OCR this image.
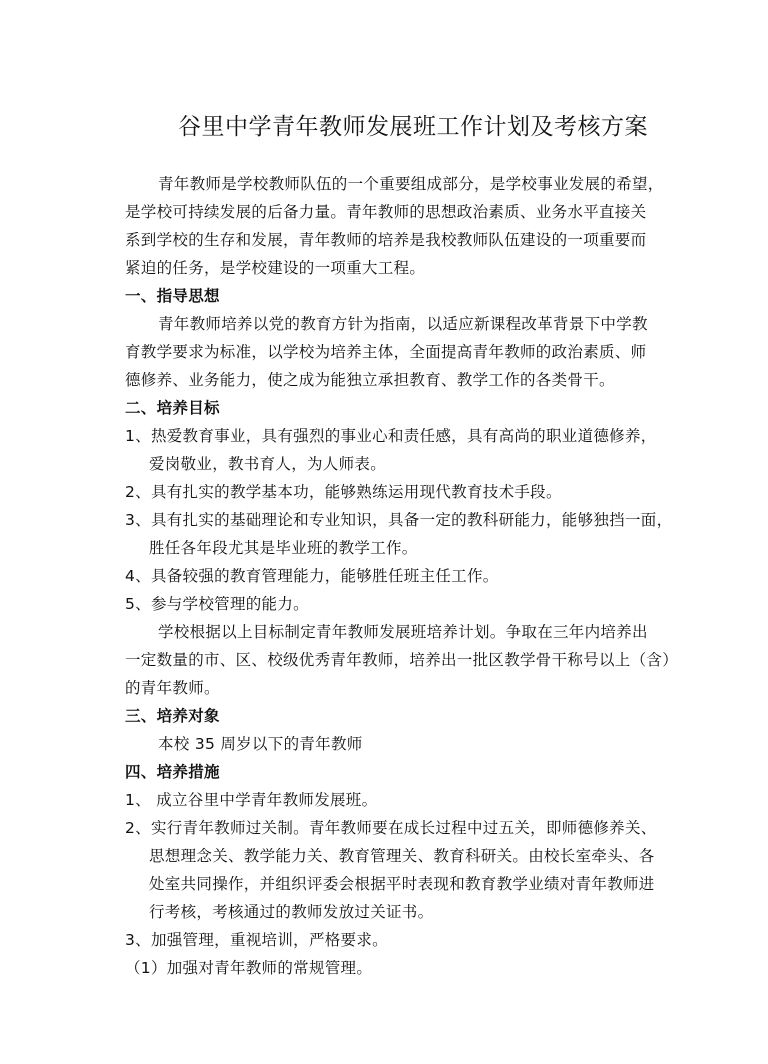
谷里中学青年教师发展班工作计划及考核方案
青年教师是学校教师队伍的一个重要组成部分，是学校事业发展的希望，
是学校可持续发展的后备力量。青年教师的思想政治素质、业务水平直接关
系到学校的生存和发展，青年教师的培养是我校教师队伍建设的一项重要而
紧迫的任务，是学校建设的一项重大工程。
一、指导思想
青年教师培养以党的教育方针为指南，以适应新课程改革背景下中学教
育教学要求为标准，以学校为培养主体，全面提高青年教师的政治素质、师
德修养、业务能力，使之成为能独立承担教育、教学工作的各类骨干。
二、培养目标
1、热爱教育事业，具有强烈的事业心和责任感，具有高尚的职业道德修养，
爱岗敬业，教书育人，为人师表。
2、具有扎实的教学基本功，能够熟练运用现代教育技术手段。
3、具有扎实的基础理论和专业知识，具备一定的教科研能力，能够独挡一面，
胜任各年段尤其是毕业班的教学工作。
4、具备较强的教育管理能力，能够胜任班主任工作。
5、参与学校管理的能力。
学校根据以上目标制定青年教师发展班培养计划。争取在三年内培养出
一定数量的市、区、校级优秀青年教师，培养出一批区教学骨干称号以上（含）
的青年教师。
三、培养对象
本校 35 周岁以下的青年教师
四、培养措施
1、 成立谷里中学青年教师发展班。
2、实行青年教师过关制。青年教师要在成长过程中过五关，即师德修养关、
思想理念关、教学能力关、教育管理关、教育科研关。由校长室牵头、各
处室共同操作，并组织评委会根据平时表现和教育教学业绩对青年教师进
行考核，考核通过的教师发放过关证书。
3、加强管理，重视培训，严格要求。
（1）加强对青年教师的常规管理。
